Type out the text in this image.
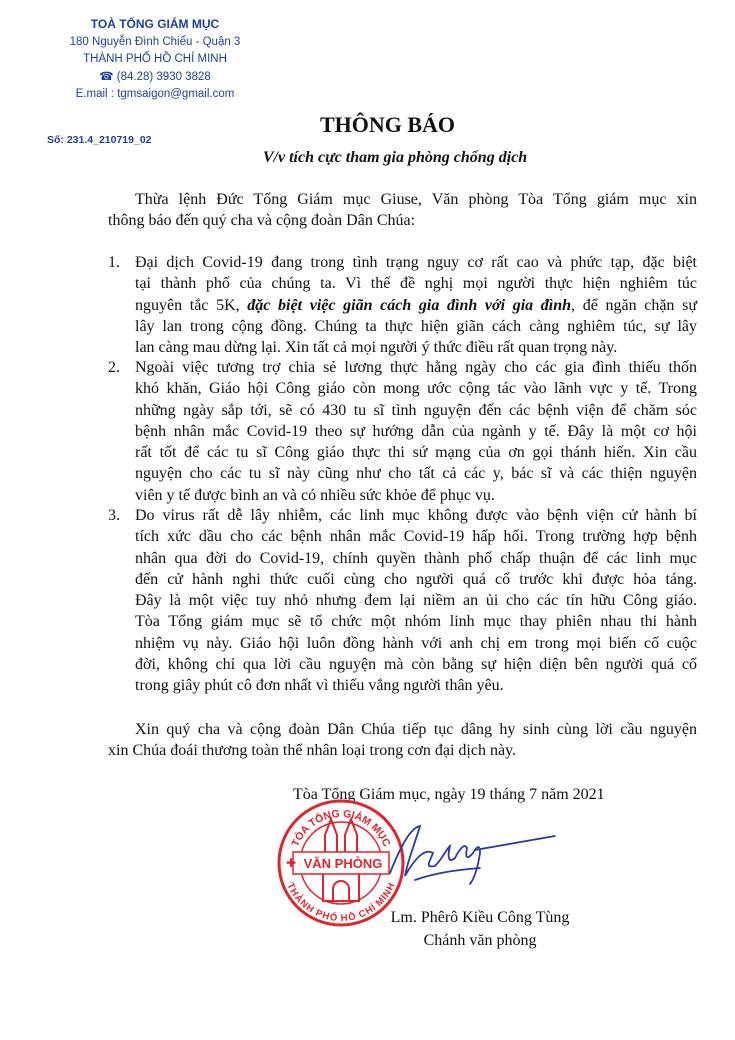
TOÀ TỔNG GIÁM MỤC
180 Nguyễn Đình Chiểu - Quận 3
THÀNH PHỐ HỒ CHÍ MINH
☎ (84.28) 3930 3828
E.mail : tgmsaigon@gmail.com
Số: 231.4_210719_02
THÔNG BÁO
V/v tích cực tham gia phòng chống dịch
Thừa lệnh Đức Tổng Giám mục Giuse, Văn phòng Tòa Tổng giám mục xin
thông báo đến quý cha và cộng đoàn Dân Chúa:
1. Đại dịch Covid-19 đang trong tình trạng nguy cơ rất cao và phức tạp, đặc biệt
tại thành phố của chúng ta. Vì thế đề nghị mọi người thực hiện nghiêm túc
nguyên tắc 5K, đặc biệt việc giãn cách gia đình với gia đình, để ngăn chặn sự
lây lan trong cộng đồng. Chúng ta thực hiện giãn cách càng nghiêm túc, sự lây
lan càng mau dừng lại. Xin tất cả mọi người ý thức điều rất quan trọng này.
2. Ngoài việc tương trợ chia sẻ lương thực hằng ngày cho các gia đình thiếu thốn
khó khăn, Giáo hội Công giáo còn mong ước cộng tác vào lãnh vực y tế. Trong
những ngày sắp tới, sẽ có 430 tu sĩ tình nguyện đến các bệnh viện để chăm sóc
bệnh nhân mắc Covid-19 theo sự hướng dẫn của ngành y tế. Đây là một cơ hội
rất tốt để các tu sĩ Công giáo thực thi sứ mạng của ơn gọi thánh hiến. Xin cầu
nguyện cho các tu sĩ này cũng như cho tất cả các y, bác sĩ và các thiện nguyện
viên y tế được bình an và có nhiều sức khỏe để phục vụ.
3. Do virus rất dễ lây nhiễm, các linh mục không được vào bệnh viện cử hành bí
tích xức dầu cho các bệnh nhân mắc Covid-19 hấp hối. Trong trường hợp bệnh
nhân qua đời do Covid-19, chính quyền thành phố chấp thuận để các linh mục
đến cử hành nghi thức cuối cùng cho người quá cố trước khi được hỏa táng.
Đây là một việc tuy nhỏ nhưng đem lại niềm an ủi cho các tín hữu Công giáo.
Tòa Tổng giám mục sẽ tổ chức một nhóm linh mục thay phiên nhau thi hành
nhiệm vụ này. Giáo hội luôn đồng hành với anh chị em trong mọi biến cố cuộc
đời, không chỉ qua lời cầu nguyện mà còn bằng sự hiện diện bên người quá cố
trong giây phút cô đơn nhất vì thiếu vắng người thân yêu.
Xin quý cha và cộng đoàn Dân Chúa tiếp tục dâng hy sinh cùng lời cầu nguyện
xin Chúa đoái thương toàn thể nhân loại trong cơn đại dịch này.
Tòa Tổng Giám mục, ngày 19 tháng 7 năm 2021
TÒA TỔNG GIÁM MỤC
VĂN PHÒNG
THÀNH PHỐ HỒ CHÍ MINH
✚
Lm. Phêrô Kiều Công Tùng
Chánh văn phòng
